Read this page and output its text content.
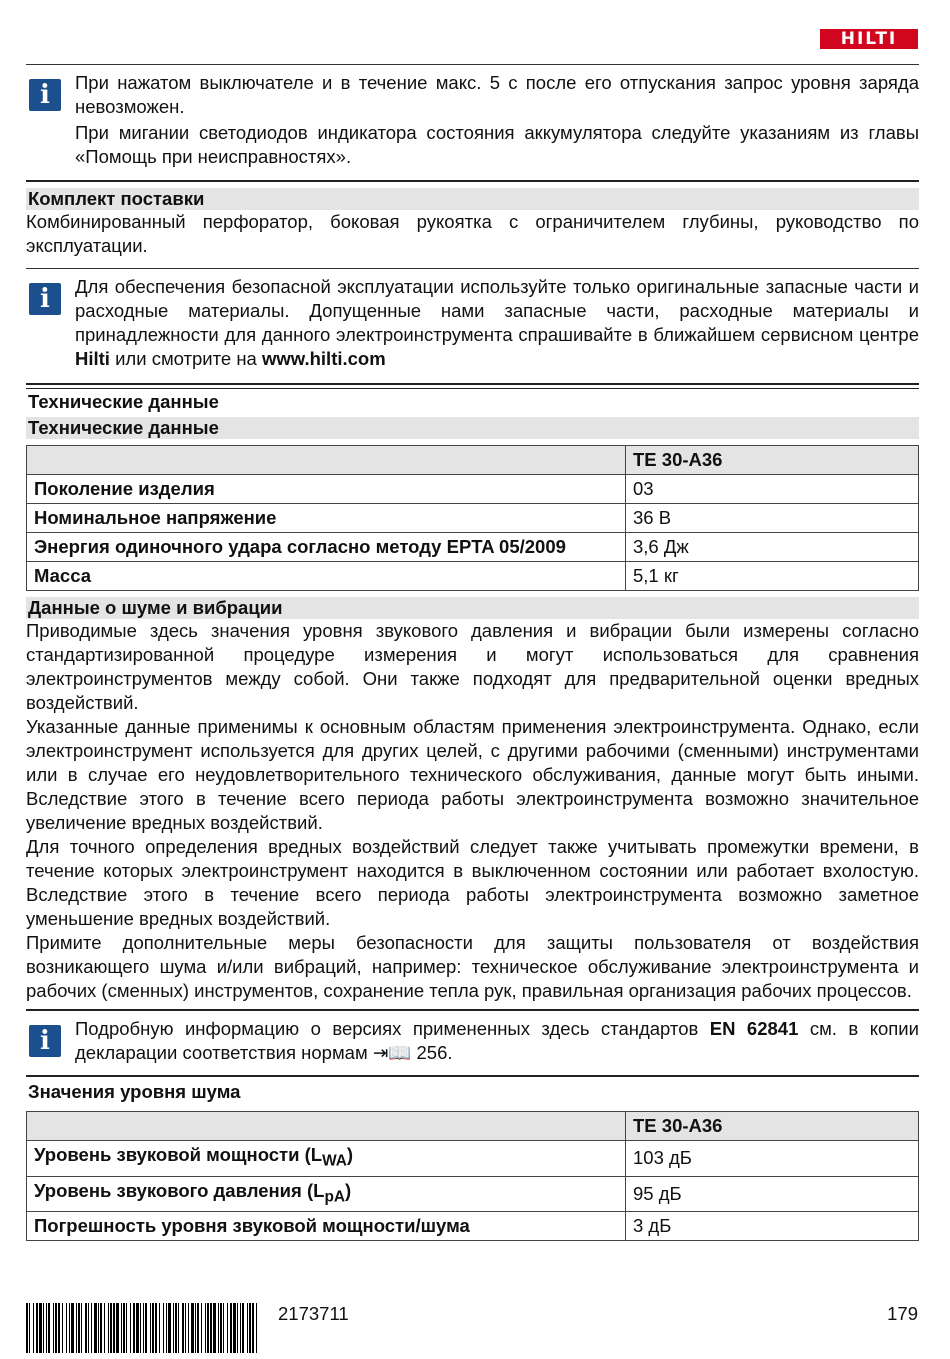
HILTI
i	При нажатом выключателе и в течение макс. 5 с после его отпускания запрос уровня заряда невозможен.

При мигании светодиодов индикатора состояния аккумулятора следуйте указаниям из главы «Помощь при неисправностях».

Комплект поставки

Комбинированный перфоратор, боковая рукоятка с ограничителем глубины, руководство по эксплуатации.

i	Для обеспечения безопасной эксплуатации используйте только оригинальные запасные части и расходные материалы. Допущенные нами запасные части, расходные материалы и принадлежности для данного электроинструмента спрашивайте в ближайшем сервисном центре Hilti или смотрите на www.hilti.com

Технические данные
Технические данные
	TE 30-A36
Поколение изделия	03
Номинальное напряжение	36 В
Энергия одиночного удара согласно методу EPTA 05/2009	3,6 Дж
Масса	5,1 кг
Данные о шуме и вибрации

Приводимые здесь значения уровня звукового давления и вибрации были измерены согласно стандартизированной процедуре измерения и могут использоваться для сравнения электроинструментов между собой. Они также подходят для предварительной оценки вредных воздействий.

Указанные данные применимы к основным областям применения электроинструмента. Однако, если электроинструмент используется для других целей, с другими рабочими (сменными) инструментами или в случае его неудовлетворительного технического обслуживания, данные могут быть иными. Вследствие этого в течение всего периода работы электроинструмента возможно значительное увеличение вредных воздействий.

Для точного определения вредных воздействий следует также учитывать промежутки времени, в течение которых электроинструмент находится в выключенном состоянии или работает вхолостую. Вследствие этого в течение всего периода работы электроинструмента возможно заметное уменьшение вредных воздействий.

Примите дополнительные меры безопасности для защиты пользователя от воздействия возникающего шума и/или вибраций, например: техническое обслуживание электроинструмента и рабочих (сменных) инструментов, сохранение тепла рук, правильная организация рабочих процессов.

i	Подробную информацию о версиях примененных здесь стандартов EN 62841 см. в копии декларации соответствия нормам ⇥📖 256.

Значения уровня шума
	TE 30-A36
Уровень звуковой мощности $(L_{WA})$	103 дБ
Уровень звукового давления $(L_{pA})$	95 дБ
Погрешность уровня звуковой мощности/шума	3 дБ
2173711	179
